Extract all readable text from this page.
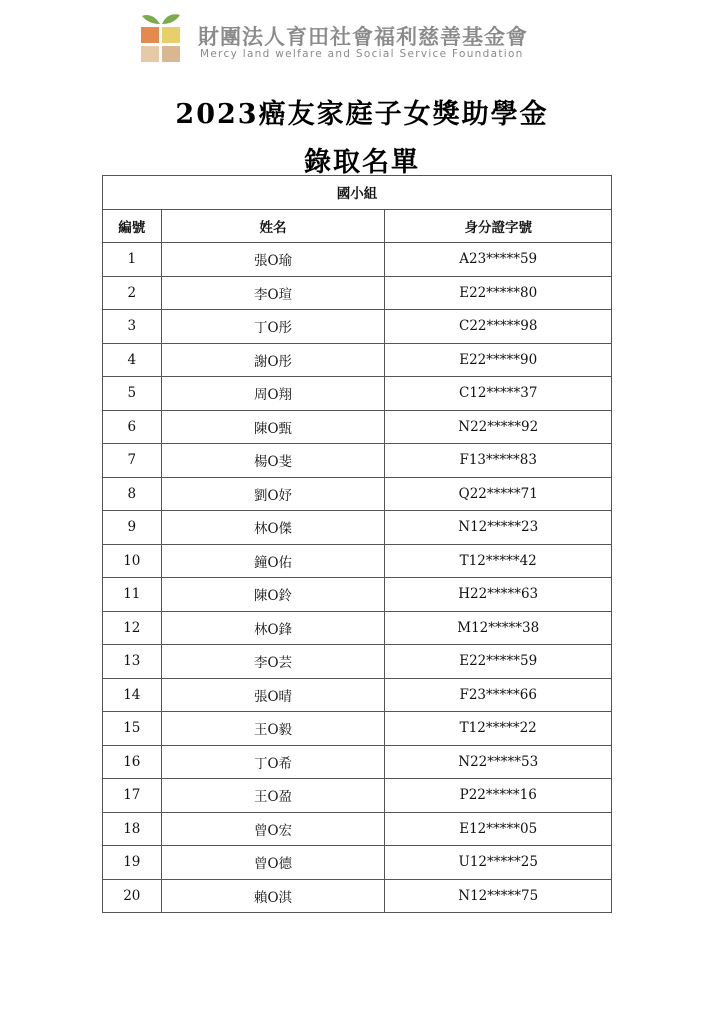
財團法人育田社會福利慈善基金會
Mercy land welfare and Social Service Foundation
2023癌友家庭子女獎助學金
錄取名單
國小組		
編號	姓名	身分證字號
1	張O瑜	A23*****59
2	李O瑄	E22*****80
3	丁O彤	C22*****98
4	謝O彤	E22*****90
5	周O翔	C12*****37
6	陳O甄	N22*****92
7	楊O斐	F13*****83
8	劉O妤	Q22*****71
9	林O傑	N12*****23
10	鐘O佑	T12*****42
11	陳O鈴	H22*****63
12	林O鋒	M12*****38
13	李O芸	E22*****59
14	張O晴	F23*****66
15	王O毅	T12*****22
16	丁O希	N22*****53
17	王O盈	P22*****16
18	曾O宏	E12*****05
19	曾O德	U12*****25
20	賴O淇	N12*****75
